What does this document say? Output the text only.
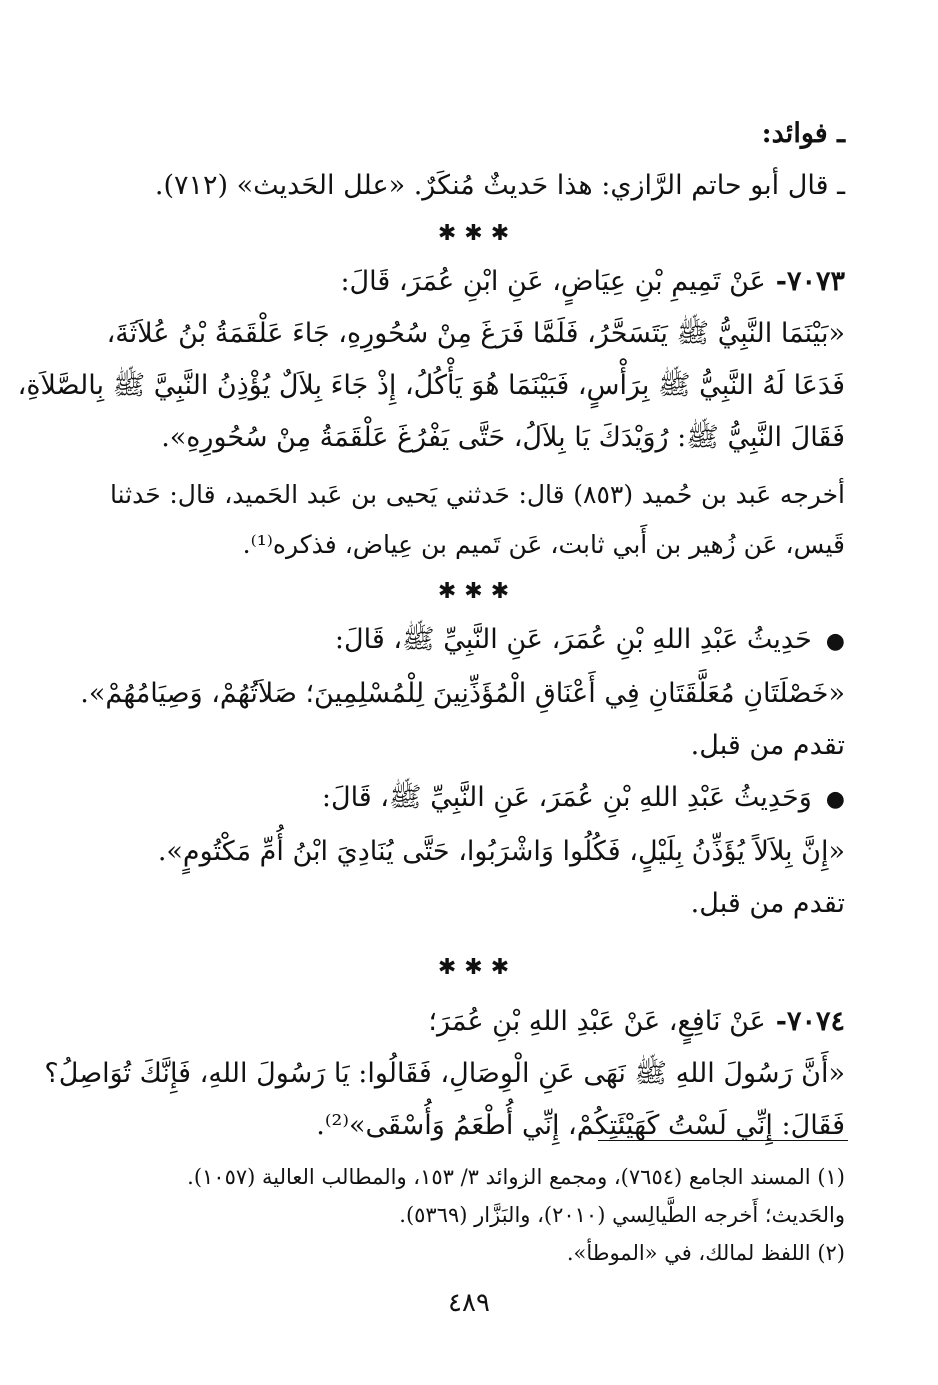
ـ فوائد:
ـ قال أبو حاتم الرَّازي: هذا حَديثٌ مُنكَرٌ. «علل الحَديث» (٧١٢).
✱✱✱
٧٠٧٣-عَنْ تَمِيمِ بْنِ عِيَاضٍ، عَنِ ابْنِ عُمَرَ، قَالَ:
«بَيْنَمَا النَّبِيُّ ﷺ يَتَسَحَّرُ، فَلَمَّا فَرَغَ مِنْ سُحُورِهِ، جَاءَ عَلْقَمَةُ بْنُ عُلاَثَةَ،
فَدَعَا لَهُ النَّبِيُّ ﷺ بِرَأْسٍ، فَبَيْنَمَا هُوَ يَأْكُلُ، إِذْ جَاءَ بِلاَلٌ يُؤْذِنُ النَّبِيَّ ﷺ بِالصَّلاَةِ،
فَقَالَ النَّبِيُّ ﷺ: رُوَيْدَكَ يَا بِلاَلُ، حَتَّى يَفْرُغَ عَلْقَمَةُ مِنْ سُحُورِهِ».
أخرجه عَبد بن حُميد (٨٥٣) قال: حَدثني يَحيى بن عَبد الحَميد، قال: حَدثنا
قَيس، عَن زُهير بن أَبي ثابت، عَن تَميم بن عِياض، فذكره⁽¹⁾.
✱✱✱
●حَدِيثُ عَبْدِ اللهِ بْنِ عُمَرَ، عَنِ النَّبِيِّ ﷺ، قَالَ:
«خَصْلَتَانِ مُعَلَّقَتَانِ فِي أَعْنَاقِ الْمُؤَذِّنِينَ لِلْمُسْلِمِينَ؛ صَلاَتُهُمْ، وَصِيَامُهُمْ».
تقدم من قبل.
●وَحَدِيثُ عَبْدِ اللهِ بْنِ عُمَرَ، عَنِ النَّبِيِّ ﷺ، قَالَ:
«إِنَّ بِلاَلاً يُؤَذِّنُ بِلَيْلٍ، فَكُلُوا وَاشْرَبُوا، حَتَّى يُنَادِيَ ابْنُ أُمِّ مَكْتُومٍ».
تقدم من قبل.
✱✱✱
٧٠٧٤-عَنْ نَافِعٍ، عَنْ عَبْدِ اللهِ بْنِ عُمَرَ؛
«أَنَّ رَسُولَ اللهِ ﷺ نَهَى عَنِ الْوِصَالِ، فَقَالُوا: يَا رَسُولَ اللهِ، فَإِنَّكَ تُوَاصِلُ؟
فَقَالَ: إِنِّي لَسْتُ كَهَيْئَتِكُمْ، إِنِّي أُطْعَمُ وَأُسْقَى»⁽²⁾.
(١) المسند الجامع (٧٦٥٤)، ومجمع الزوائد ٣/ ١٥٣، والمطالب العالية (١٠٥٧).
والحَديث؛ أَخرجه الطَّيالِسي (٢٠١٠)، والبَزَّار (٥٣٦٩).
(٢) اللفظ لمالك، في «الموطأ».
٤٨٩
